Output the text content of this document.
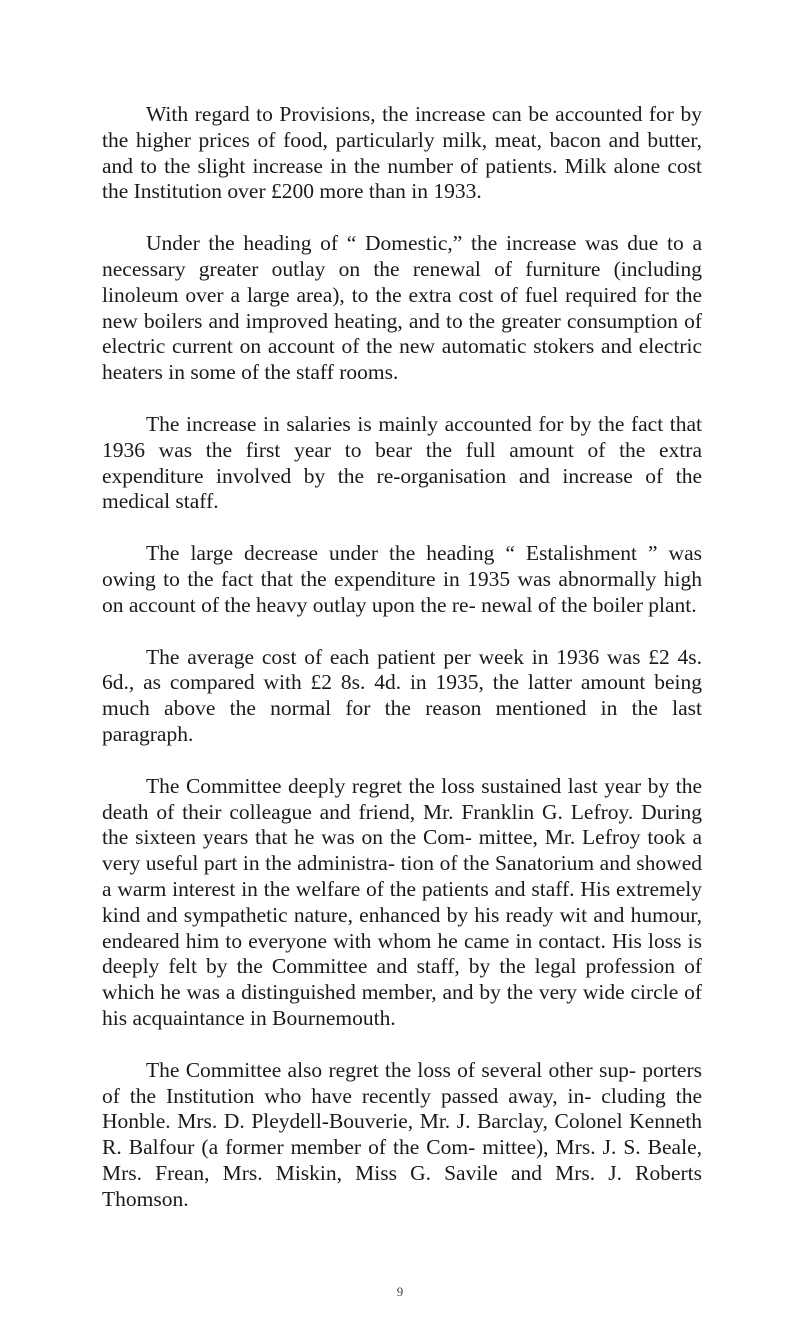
With regard to Provisions, the increase can be accounted for by the higher prices of food, particularly milk, meat, bacon and butter, and to the slight increase in the number of patients. Milk alone cost the Institution over £200 more than in 1933.

Under the heading of “ Domestic,” the increase was due to a necessary greater outlay on the renewal of furniture (including linoleum over a large area), to the extra cost of fuel required for the new boilers and improved heating, and to the greater consumption of electric current on account of the new automatic stokers and electric heaters in some of the staff rooms.

The increase in salaries is mainly accounted for by the fact that 1936 was the first year to bear the full amount of the extra expenditure involved by the re-organisation and increase of the medical staff.

The large decrease under the heading “ Estalishment ” was owing to the fact that the expenditure in 1935 was abnormally high on account of the heavy outlay upon the re- newal of the boiler plant.

The average cost of each patient per week in 1936 was £2 4s. 6d., as compared with £2 8s. 4d. in 1935, the latter amount being much above the normal for the reason mentioned in the last paragraph.

The Committee deeply regret the loss sustained last year by the death of their colleague and friend, Mr. Franklin G. Lefroy. During the sixteen years that he was on the Com- mittee, Mr. Lefroy took a very useful part in the administra- tion of the Sanatorium and showed a warm interest in the welfare of the patients and staff. His extremely kind and sympathetic nature, enhanced by his ready wit and humour, endeared him to everyone with whom he came in contact. His loss is deeply felt by the Committee and staff, by the legal profession of which he was a distinguished member, and by the very wide circle of his acquaintance in Bournemouth.

The Committee also regret the loss of several other sup- porters of the Institution who have recently passed away, in- cluding the Honble. Mrs. D. Pleydell-Bouverie, Mr. J. Barclay, Colonel Kenneth R. Balfour (a former member of the Com- mittee), Mrs. J. S. Beale, Mrs. Frean, Mrs. Miskin, Miss G. Savile and Mrs. J. Roberts Thomson.

9
